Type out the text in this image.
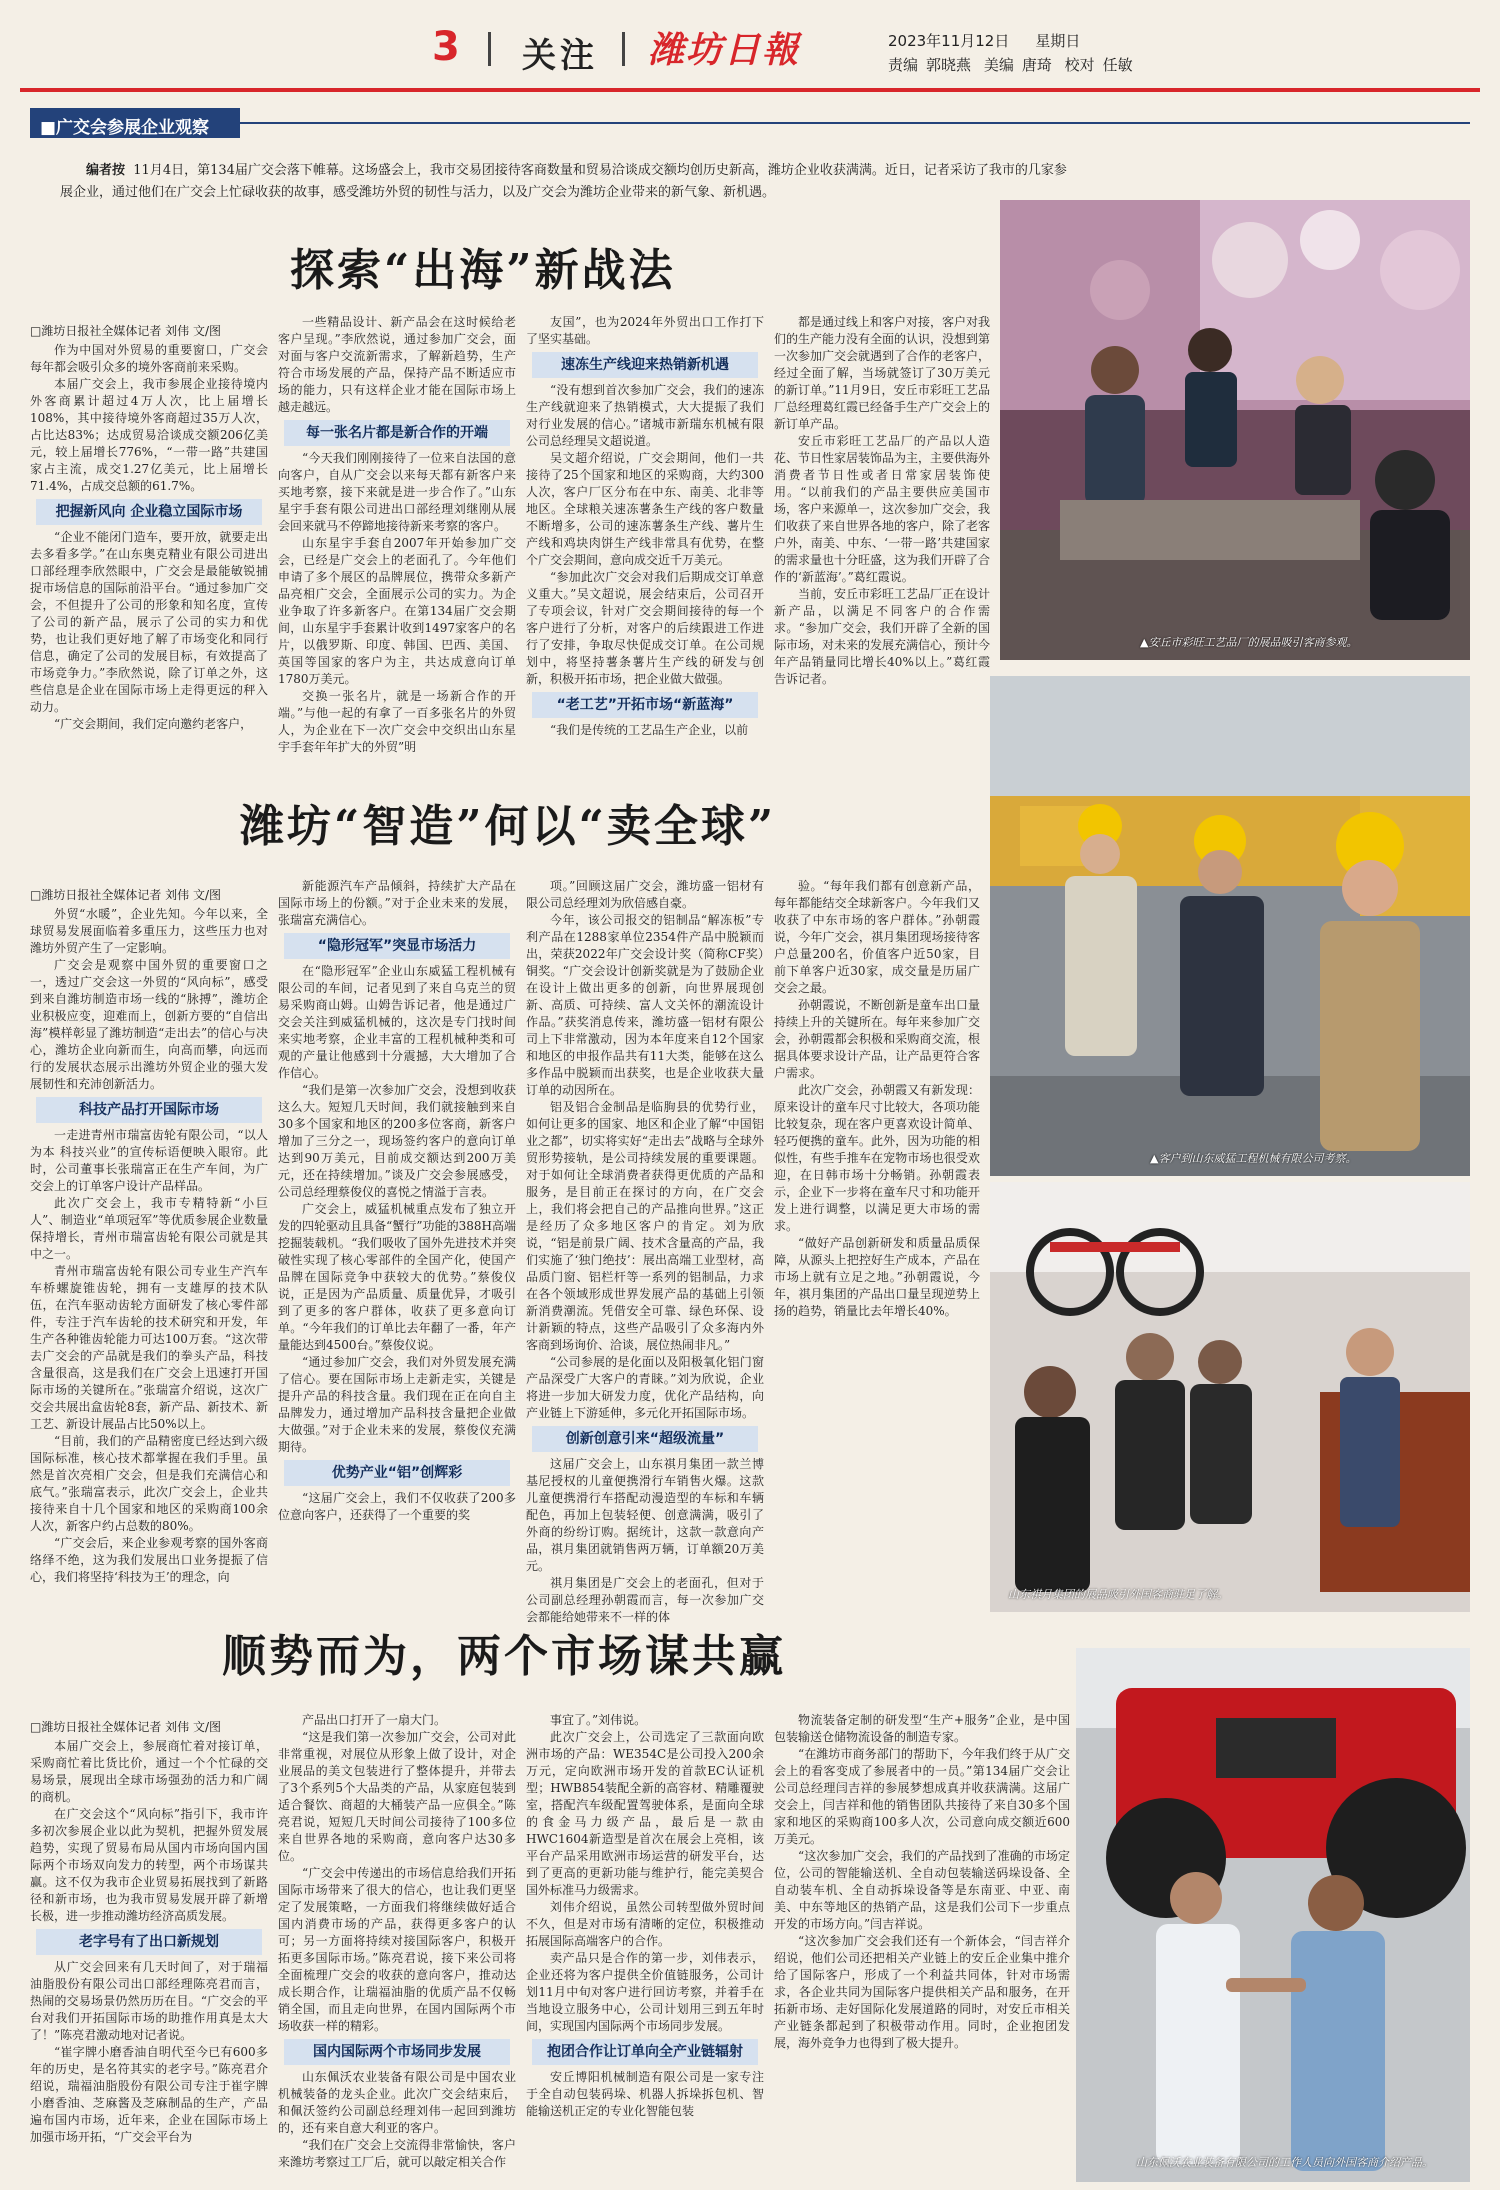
3 关注 潍坊日報	2023年11月12日 星期日
责编 郭晓燕 美编 唐琦 校对 任敏
■广交会参展企业观察
编者按 11月4日，第134届广交会落下帷幕。这场盛会上，我市交易团接待客商数量和贸易洽谈成交额均创历史新高，潍坊企业收获满满。近日，记者采访了我市的几家参展企业，通过他们在广交会上忙碌收获的故事，感受潍坊外贸的韧性与活力，以及广交会为潍坊企业带来的新气象、新机遇。
探索“出海”新战法
□潍坊日报社全媒体记者 刘伟 文/图

作为中国对外贸易的重要窗口，广交会每年都会吸引众多的境外客商前来采购。

本届广交会上，我市参展企业接待境内外客商累计超过4万人次，比上届增长108%，其中接待境外客商超过35万人次，占比达83%；达成贸易洽谈成交额206亿美元，较上届增长776%，“一带一路”共建国家占主流，成交1.27亿美元，比上届增长71.4%，占成交总额的61.7%。

把握新风向 企业稳立国际市场

“企业不能闭门造车，要开放，就要走出去多看多学。”在山东奥克精业有限公司进出口部经理李欣然眼中，广交会是最能敏锐捕捉市场信息的国际前沿平台。“通过参加广交会，不但提升了公司的形象和知名度，宣传了公司的新产品，展示了公司的实力和优势，也让我们更好地了解了市场变化和同行信息，确定了公司的发展目标，有效提高了市场竞争力。”李欣然说，除了订单之外，这些信息是企业在国际市场上走得更远的秤入动力。

“广交会期间，我们定向邀约老客户，

一些精品设计、新产品会在这时候给老客户呈现。”李欣然说，通过参加广交会，面对面与客户交流新需求，了解新趋势，生产符合市场发展的产品，保持产品不断适应市场的能力，只有这样企业才能在国际市场上越走越远。

每一张名片都是新合作的开端

“今天我们刚刚接待了一位来自法国的意向客户，自从广交会以来每天都有新客户来买地考察，接下来就是进一步合作了。”山东星宇手套有限公司进出口部经理刘继刚从展会回来就马不停蹄地接待新来考察的客户。

山东星宇手套自2007年开始参加广交会，已经是广交会上的老面孔了。今年他们申请了多个展区的品牌展位，携带众多新产品亮相广交会，全面展示公司的实力。为企业争取了许多新客户。在第134届广交会期间，山东星宇手套累计收到1497家客户的名片，以俄罗斯、印度、韩国、巴西、美国、英国等国家的客户为主，共达成意向订单1780万美元。

交换一张名片，就是一场新合作的开端。”与他一起的有拿了一百多张名片的外贸人，为企业在下一次广交会中交织出山东星宇手套年年扩大的外贸”明

友国”，也为2024年外贸出口工作打下了坚实基础。

速冻生产线迎来热销新机遇

“没有想到首次参加广交会，我们的速冻生产线就迎来了热销模式，大大提振了我们对行业发展的信心。”诸城市新瑞东机械有限公司总经理吴文超说道。

吴文超介绍说，广交会期间，他们一共接待了25个国家和地区的采购商，大约300人次，客户厂区分布在中东、南美、北非等地区。全球粮关速冻薯条生产线的客户数量不断增多，公司的速冻薯条生产线、薯片生产线和鸡块肉饼生产线非常具有优势，在整个广交会期间，意向成交近千万美元。

“参加此次广交会对我们后期成交订单意义重大。”吴文超说，展会结束后，公司召开了专项会议，针对广交会期间接待的每一个客户进行了分析，对客户的后续跟进工作进行了安排，争取尽快促成交订单。在公司规划中，将坚持薯条薯片生产线的研发与创新，积极开拓市场，把企业做大做强。

“老工艺”开拓市场“新蓝海”

“我们是传统的工艺品生产企业，以前

都是通过线上和客户对接，客户对我们的生产能力没有全面的认识，没想到第一次参加广交会就遇到了合作的老客户，经过全面了解，当场就签订了30万美元的新订单。”11月9日，安丘市彩旺工艺品厂总经理葛红霞已经备手生产广交会上的新订单产品。

安丘市彩旺工艺品厂的产品以人造花、节日性家居装饰品为主，主要供海外消费者节日性或者日常家居装饰使用。“以前我们的产品主要供应美国市场，客户来源单一，这次参加广交会，我们收获了来自世界各地的客户，除了老客户外，南美、中东、‘一带一路’共建国家的需求量也十分旺盛，这为我们开辟了合作的‘新蓝海’。”葛红霞说。

当前，安丘市彩旺工艺品厂正在设计新产品，以满足不同客户的合作需求。“参加广交会，我们开辟了全新的国际市场，对未来的发展充满信心，预计今年产品销量同比增长40%以上。”葛红霞告诉记者。

▲安丘市彩旺工艺品厂的展品吸引客商参观。
潍坊“智造”何以“卖全球”
□潍坊日报社全媒体记者 刘伟 文/图

外贸“水暖”，企业先知。今年以来，全球贸易发展面临着多重压力，这些压力也对潍坊外贸产生了一定影响。

广交会是观察中国外贸的重要窗口之一，透过广交会这一外贸的“风向标”，感受到来自潍坊制造市场一线的“脉搏”，潍坊企业积极应变，迎难而上，创新方要的“自信出海”模样彰显了潍坊制造“走出去”的信心与决心，潍坊企业向新而生，向高而攀，向远而行的发展状态展示出潍坊外贸企业的强大发展韧性和充沛创新活力。

科技产品打开国际市场

一走进青州市瑞富齿轮有限公司，“以人为本 科技兴业”的宣传标语便映入眼帘。此时，公司董事长张瑞富正在生产车间，为广交会上的订单客户设计产品样品。

此次广交会上，我市专精特新“小巨人”、制造业“单项冠军”等优质参展企业数量保持增长，青州市瑞富齿轮有限公司就是其中之一。

青州市瑞富齿轮有限公司专业生产汽车车桥螺旋锥齿轮，拥有一支雄厚的技术队伍，在汽车驱动齿轮方面研发了核心零件部件，专注于汽车齿轮的技术研究和开发，年生产各种锥齿轮能力可达100万套。“这次带去广交会的产品就是我们的拳头产品，科技含量很高，这是我们在广交会上迅速打开国际市场的关键所在。”张瑞富介绍说，这次广交会共展出盒齿轮8套，新产品、新技术、新工艺、新设计展品占比50%以上。

“目前，我们的产品精密度已经达到六级国际标准，核心技术都掌握在我们手里。虽然是首次亮相广交会，但是我们充满信心和底气。”张瑞富表示，此次广交会上，企业共接待来自十几个国家和地区的采购商100余人次，新客户约占总数的80%。

“广交会后，来企业参观考察的国外客商络绎不绝，这为我们发展出口业务提振了信心，我们将坚持‘科技为王’的理念，向

新能源汽车产品倾斜，持续扩大产品在国际市场上的份额。”对于企业未来的发展，张瑞富充满信心。

“隐形冠军”突显市场活力

在“隐形冠军”企业山东威猛工程机械有限公司的车间，记者见到了来自乌克兰的贸易采购商山姆。山姆告诉记者，他是通过广交会关注到威猛机械的，这次是专门找时间来实地考察，企业丰富的工程机械种类和可观的产量让他感到十分震撼，大大增加了合作信心。

“我们是第一次参加广交会，没想到收获这么大。短短几天时间，我们就接触到来自30多个国家和地区的200多位客商，新客户增加了三分之一，现场签约客户的意向订单达到90万美元，目前成交额达到200万美元，还在持续增加。”谈及广交会参展感受，公司总经理蔡俊仪的喜悦之情溢于言表。

广交会上，威猛机械重点发布了独立开发的四轮驱动且具备“蟹行”功能的388H高端挖掘装载机。“我们吸收了国外先进技术并突破性实现了核心零部件的全国产化，使国产品牌在国际竞争中获较大的优势。”蔡俊仪说，正是因为产品质量、质量优异，才吸引到了更多的客户群体，收获了更多意向订单。“今年我们的订单比去年翻了一番，年产量能达到4500台。”蔡俊仪说。

“通过参加广交会，我们对外贸发展充满了信心。要在国际市场上走新走实，关键是提升产品的科技含量。我们现在正在向自主品牌发力，通过增加产品科技含量把企业做大做强。”对于企业未来的发展，蔡俊仪充满期待。

优势产业“铝”创辉彩

“这届广交会上，我们不仅收获了200多位意向客户，还获得了一个重要的奖

项。”回顾这届广交会，潍坊盛一铝材有限公司总经理刘为欣倍感自豪。

今年，该公司报交的铝制品“解冻板”专利产品在1288家单位2354件产品中脱颖而出，荣获2022年广交会设计奖（简称CF奖）铜奖。“广交会设计创新奖就是为了鼓励企业在设计上做出更多的创新，向世界展现创新、高质、可持续、富人文关怀的潮流设计作品。”获奖消息传来，潍坊盛一铝材有限公司上下非常激动，因为本年度来自12个国家和地区的申报作品共有11大类，能够在这么多作品中脱颖而出获奖，也是企业收获大量订单的动因所在。

铝及铝合金制品是临朐县的优势行业，如何让更多的国家、地区和企业了解“中国铝业之都”，切实将实好“走出去”战略与全球外贸形势接轨，是公司持续发展的重要课题。对于如何让全球消费者获得更优质的产品和服务，是目前正在探讨的方向，在广交会上，我们将会把自己的产品推向世界。”这正是经历了众多地区客户的肯定。刘为欣说，“铝是前景广阔、技术含量高的产品，我们实施了‘独门绝技’：展出高端工业型材，高品质门窗、铝栏杆等一系列的铝制品，力求在各个领域形成世界发展产品的基础上引领新消费潮流。凭借安全可靠、绿色环保、设计新颖的特点，这些产品吸引了众多海内外客商到场询价、洽谈，展位热闹非凡。”

“公司参展的是化面以及阳极氧化铝门窗产品深受广大客户的青睐。”刘为欣说，企业将进一步加大研发力度，优化产品结构，向产业链上下游延伸，多元化开拓国际市场。

创新创意引来“超级流量”

这届广交会上，山东祺月集团一款兰博基尼授权的儿童便携滑行车销售火爆。这款儿童便携滑行车搭配动漫造型的车标和车辆配色，再加上包装轻便、创意满满，吸引了外商的纷纷订购。据统计，这款一款意向产品，祺月集团就销售两万辆，订单额20万美元。

祺月集团是广交会上的老面孔，但对于公司副总经理孙朝霞而言，每一次参加广交会都能给她带来不一样的体

验。“每年我们都有创意新产品，每年都能结交全球新客户。今年我们又收获了中东市场的客户群体。”孙朝霞说，今年广交会，祺月集团现场接待客户总量200名，价值客户近50家，目前下单客户近30家，成交量是历届广交会之最。

孙朝霞说，不断创新是童车出口量持续上升的关键所在。每年来参加广交会，孙朝霞都会积极和采购商交流，根据具体要求设计产品，让产品更符合客户需求。

此次广交会，孙朝霞又有新发现：原来设计的童车尺寸比较大，各项功能比较复杂，现在客户更喜欢设计简单、轻巧便携的童车。此外，因为功能的相似性，有些手推车在宠物市场也很受欢迎，在日韩市场十分畅销。孙朝霞表示，企业下一步将在童车尺寸和功能开发上进行调整，以满足更大市场的需求。

“做好产品创新研发和质量品质保障，从源头上把控好生产成本，产品在市场上就有立足之地。”孙朝霞说，今年，祺月集团的产品出口量呈现逆势上扬的趋势，销量比去年增长40%。

▲客户到山东威猛工程机械有限公司考察。
山东祺月集团的展品吸引外国客商驻足了解。
顺势而为，两个市场谋共赢
□潍坊日报社全媒体记者 刘伟 文/图

本届广交会上，参展商忙着对接订单，采购商忙着比货比价，通过一个个忙碌的交易场景，展现出全球市场强劲的活力和广阔的商机。

在广交会这个“风向标”指引下，我市许多初次参展企业以此为契机，把握外贸发展趋势，实现了贸易布局从国内市场向国内国际两个市场双向发力的转型，两个市场谋共赢。这不仅为我市企业贸易拓展找到了新路径和新市场，也为我市贸易发展开辟了新增长极，进一步推动潍坊经济高质发展。

老字号有了出口新规划

从广交会回来有几天时间了，对于瑞福油脂股份有限公司出口部经理陈亮君而言，热闹的交易场景仍然历历在目。“广交会的平台对我们开拓国际市场的助推作用真是太大了！”陈亮君激动地对记者说。

“崔字牌小磨香油自明代至今已有600多年的历史，是名符其实的老字号。”陈亮君介绍说，瑞福油脂股份有限公司专注于崔字牌小磨香油、芝麻酱及芝麻制品的生产，产品遍布国内市场，近年来，企业在国际市场上加强市场开拓，“广交会平台为

产品出口打开了一扇大门。

“这是我们第一次参加广交会，公司对此非常重视，对展位从形象上做了设计，对企业展品的美文包装进行了整体提升，并带去了3个系列5个大品类的产品，从家庭包装到适合餐饮、商超的大桶装产品一应俱全。”陈亮君说，短短几天时间公司接待了100多位来自世界各地的采购商，意向客户达30多位。

“广交会中传递出的市场信息给我们开拓国际市场带来了很大的信心，也让我们更坚定了发展策略，一方面我们将继续做好适合国内消费市场的产品，获得更多客户的认可；另一方面将持续对接国际客户，积极开拓更多国际市场。”陈亮君说，接下来公司将全面梳理广交会的收获的意向客户，推动达成长期合作，让瑞福油脂的优质产品不仅畅销全国，而且走向世界，在国内国际两个市场收获一样的精彩。

国内国际两个市场同步发展

山东佩沃农业装备有限公司是中国农业机械装备的龙头企业。此次广交会结束后，和佩沃签约公司副总经理刘伟一起回到潍坊的，还有来自意大利亚的客户。

“我们在广交会上交流得非常愉快，客户来潍坊考察过工厂后，就可以敲定相关合作

事宜了。”刘伟说。

此次广交会上，公司选定了三款面向欧洲市场的产品：WE354C是公司投入200余万元，定向欧洲市场开发的首款EC认证机型；HWB854装配全新的高容材、精雕覆驶室，搭配汽车级配置驾驶体系，是面向全球的食金马力级产品，最后是一款由HWC1604新造型是首次在展会上亮相，该平台产品采用欧洲市场运营的研发平台，达到了更高的更新功能与维护行，能完美契合国外标准马力级需求。

刘伟介绍说，虽然公司转型做外贸时间不久，但是对市场有清晰的定位，积极推动拓展国际高端客户的合作。

卖产品只是合作的第一步，刘伟表示，企业还将为客户提供全价值链服务，公司计划11月中旬对客户进行回访考察，并着手在当地设立服务中心，公司计划用三到五年时间，实现国内国际两个市场同步发展。

抱团合作让订单向全产业链辐射

安丘博阳机械制造有限公司是一家专注于全自动包装码垛、机器人拆垛拆包机、智能输送机正定的专业化智能包装

物流装备定制的研发型“生产+服务”企业，是中国包装输送仓储物流设备的制造专家。

“在潍坊市商务部门的帮助下，今年我们终于从广交会上的看客变成了参展者中的一员。”第134届广交会让公司总经理闫吉祥的参展梦想成真并收获满满。这届广交会上，闫吉祥和他的销售团队共接待了来自30多个国家和地区的采购商100多人次，公司意向成交额近600万美元。

“这次参加广交会，我们的产品找到了准确的市场定位，公司的智能输送机、全自动包装输送码垛设备、全自动装车机、全自动拆垛设备等是东南亚、中亚、南美、中东等地区的热销产品，这是我们公司下一步重点开发的市场方向。”闫吉祥说。

“这次参加广交会我们还有一个新体会，“闫吉祥介绍说，他们公司还把相关产业链上的安丘企业集中推介给了国际客户，形成了一个利益共同体，针对市场需求，各企业共同为国际客户提供相关产品和服务，在开拓新市场、走好国际化发展道路的同时，对安丘市相关产业链条都起到了积极带动作用。同时，企业抱团发展，海外竞争力也得到了极大提升。

山东佩沃农业装备有限公司的工作人员向外国客商介绍产品。
